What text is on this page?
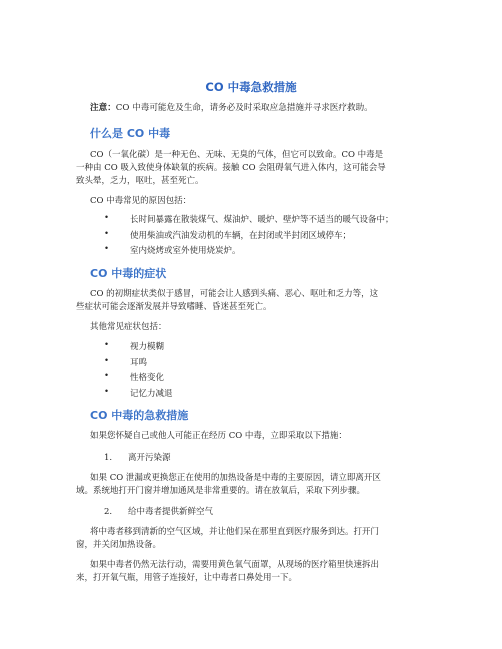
CO 中毒急救措施
注意：CO 中毒可能危及生命，请务必及时采取应急措施并寻求医疗救助。
什么是 CO 中毒
CO（一氧化碳）是一种无色、无味、无臭的气体，但它可以致命。CO 中毒是
一种由 CO 吸入致使身体缺氧的疾病。接触 CO 会阻碍氧气进入体内，这可能会导
致头晕，乏力，呕吐，甚至死亡。
CO 中毒常见的原因包括：
• 长时间暴露在散装煤气、煤油炉、暖炉、壁炉等不适当的暖气设备中；
• 使用柴油或汽油发动机的车辆，在封闭或半封闭区域停车；
• 室内烧烤或室外使用烧炭炉。
CO 中毒的症状
CO 的初期症状类似于感冒，可能会让人感到头痛、恶心、呕吐和乏力等，这
些症状可能会逐渐发展并导致嗜睡、昏迷甚至死亡。
其他常见症状包括：
• 视力模糊
• 耳鸣
• 性格变化
• 记忆力减退
CO 中毒的急救措施
如果您怀疑自己或他人可能正在经历 CO 中毒，立即采取以下措施：
1. 离开污染源
如果 CO 泄漏或更换您正在使用的加热设备是中毒的主要原因，请立即离开区
域。系统地打开门窗并增加通风是非常重要的。请在放氧后，采取下列步骤。
2. 给中毒者提供新鲜空气
将中毒者移到清新的空气区域，并让他们呆在那里直到医疗服务到达。打开门
窗，并关闭加热设备。
如果中毒者仍然无法行动，需要用黄色氧气面罩，从现场的医疗箱里快速拆出
来，打开氧气瓶，用管子连接好，让中毒者口鼻处用一下。
